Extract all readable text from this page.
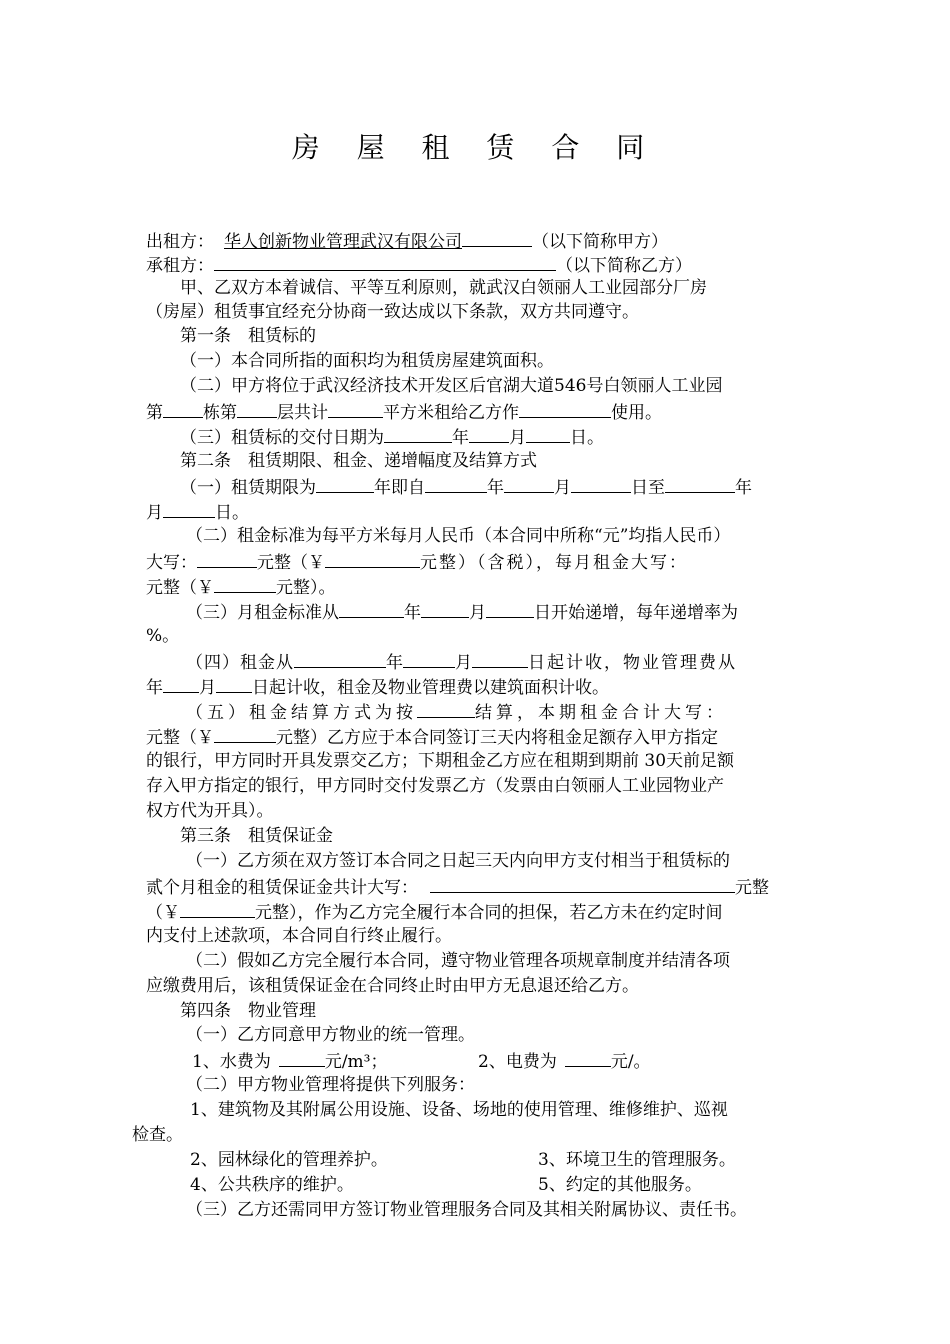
房 屋 租 赁 合 同
出租方： 华人创新物业管理武汉有限公司	（以下简称甲方）
承租方：	（以下简称乙方）
甲、乙双方本着诚信、平等互利原则，就武汉白领丽人工业园部分厂房
（房屋）租赁事宜经充分协商一致达成以下条款，双方共同遵守。
第一条　租赁标的
（一）本合同所指的面积均为租赁房屋建筑面积。
（二）甲方将位于武汉经济技术开发区后官湖大道546号白领丽人工业园
第 栋第 层共计	平方米租给乙方作	使用。
（三）租赁标的交付日期为	年 月	日。
第二条　租赁期限、租金、递增幅度及结算方式
（一）租赁期限为	年即自	年	月	日至	年
月	日。
（二）租金标准为每平方米每月人民币（本合同中所称“元”均指人民币）
大写：	元整（￥	元整）（含税），每月租金大写：
元整（￥	元整）。
（三）月租金标准从	年	月	日开始递增，每年递增率为
%。
（四）租金从	年	月	日起计收，物业管理费从
年 月 日起计收，租金及物业管理费以建筑面积计收。
（五）租金结算方式为按	结算，本期租金合计大写：
元整（￥	元整）乙方应于本合同签订三天内将租金足额存入甲方指定
的银行，甲方同时开具发票交乙方；下期租金乙方应在租期到期前 30天前足额
存入甲方指定的银行，甲方同时交付发票乙方（发票由白领丽人工业园物业产
权方代为开具）。
第三条　租赁保证金
（一）乙方须在双方签订本合同之日起三天内向甲方支付相当于租赁标的
贰个月租金的租赁保证金共计大写：	元整
（￥	元整），作为乙方完全履行本合同的担保，若乙方未在约定时间
内支付上述款项，本合同自行终止履行。
（二）假如乙方完全履行本合同，遵守物业管理各项规章制度并结清各项
应缴费用后，该租赁保证金在合同终止时由甲方无息退还给乙方。
第四条　物业管理
（一）乙方同意甲方物业的统一管理。
1、水费为	元/m³；	2、电费为	元/。
（二）甲方物业管理将提供下列服务：
1、建筑物及其附属公用设施、设备、场地的使用管理、维修维护、巡视
检查。
2、园林绿化的管理养护。	3、环境卫生的管理服务。
4、公共秩序的维护。	5、约定的其他服务。
（三）乙方还需同甲方签订物业管理服务合同及其相关附属协议、责任书。
